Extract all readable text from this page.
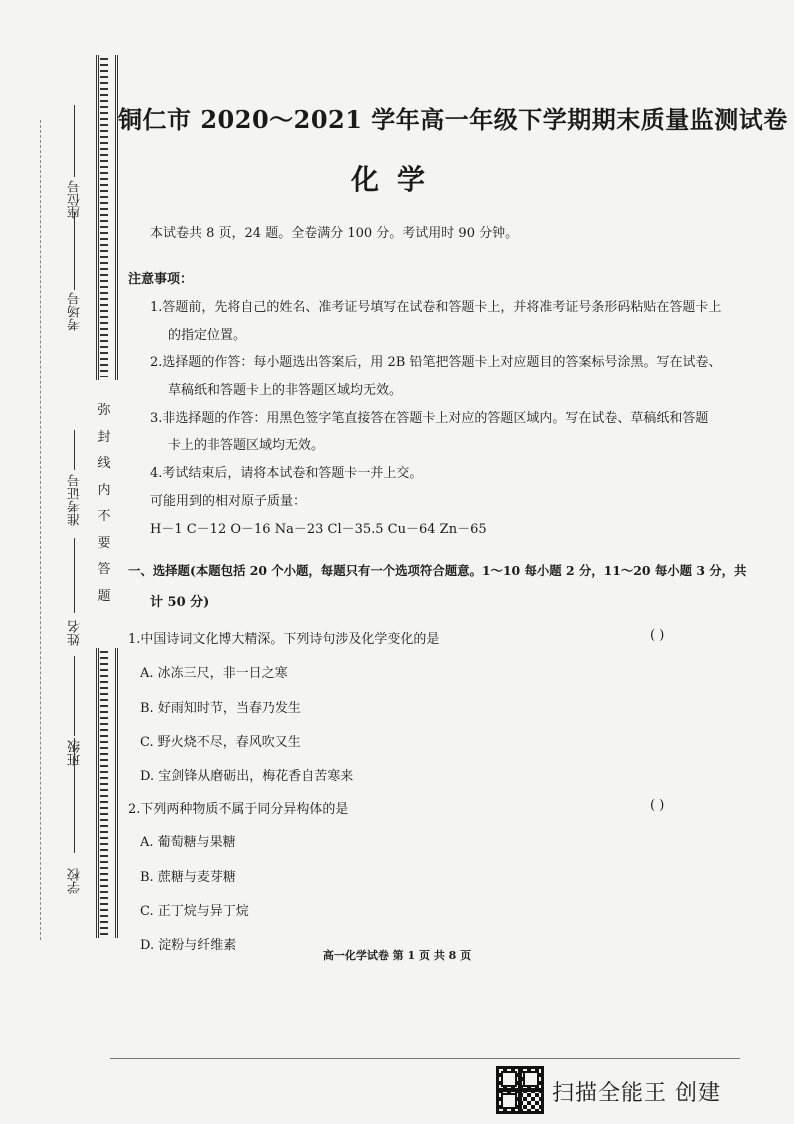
学校
班级
姓名
准考证号
考场号
座位号
弥
封
线
内
不
要
答
题
铜仁市 2020～2021 学年高一年级下学期期末质量监测试卷
化学
本试卷共 8 页，24 题。全卷满分 100 分。考试用时 90 分钟。
注意事项：
1.答题前，先将自己的姓名、准考证号填写在试卷和答题卡上，并将准考证号条形码粘贴在答题卡上
的指定位置。
2.选择题的作答：每小题选出答案后，用 2B 铅笔把答题卡上对应题目的答案标号涂黑。写在试卷、
草稿纸和答题卡上的非答题区域均无效。
3.非选择题的作答：用黑色签字笔直接答在答题卡上对应的答题区域内。写在试卷、草稿纸和答题
卡上的非答题区域均无效。
4.考试结束后，请将本试卷和答题卡一并上交。
可能用到的相对原子质量：
H－1 C－12 O－16 Na－23 Cl－35.5 Cu－64 Zn－65
一、选择题(本题包括 20 个小题，每题只有一个选项符合题意。1～10 每小题 2 分，11～20 每小题 3 分，共
计 50 分)
1.中国诗词文化博大精深。下列诗句涉及化学变化的是	( )
A. 冰冻三尺，非一日之寒
B. 好雨知时节，当春乃发生
C. 野火烧不尽，春风吹又生
D. 宝剑锋从磨砺出，梅花香自苦寒来
2.下列两种物质不属于同分异构体的是	( )
A. 葡萄糖与果糖
B. 蔗糖与麦芽糖
C. 正丁烷与异丁烷
D. 淀粉与纤维素
高一化学试卷 第 1 页 共 8 页
扫描全能王 创建
